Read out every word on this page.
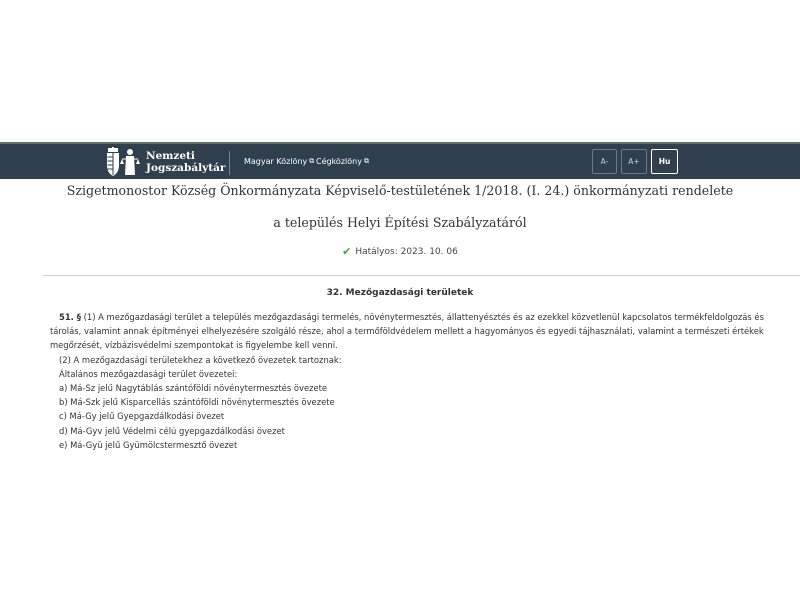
Nemzeti
Jogszabálytár
Magyar Közlöny ⧉ Cégközlöny ⧉	A-	A+	Hu
Szigetmonostor Község Önkormányzata Képviselő-testületének 1/2018. (I. 24.) önkormányzati rendelete
a település Helyi Építési Szabályzatáról
✔ Hatályos: 2023. 10. 06
32. Mezőgazdasági területek
51. § (1) A mezőgazdasági terület a település mezőgazdasági termelés, növénytermesztés, állattenyésztés és az ezekkel közvetlenül kapcsolatos termékfeldolgozás és tárolás, valamint annak építményei elhelyezésére szolgáló része, ahol a termőföldvédelem mellett a hagyományos és egyedi tájhasználati, valamint a természeti értékek megőrzését, vízbázisvédelmi szempontokat is figyelembe kell venni.
(2) A mezőgazdasági területekhez a következő övezetek tartoznak:
Általános mezőgazdasági terület övezetei:
a) Má-Sz jelű Nagytáblás szántóföldi növénytermesztés övezete
b) Má-Szk jelű Kisparcellás szántóföldi növénytermesztés övezete
c) Má-Gy jelű Gyepgazdálkodási övezet
d) Má-Gyv jelű Védelmi célú gyepgazdálkodási övezet
e) Má-Gyü jelű Gyümölcstermesztő övezet
